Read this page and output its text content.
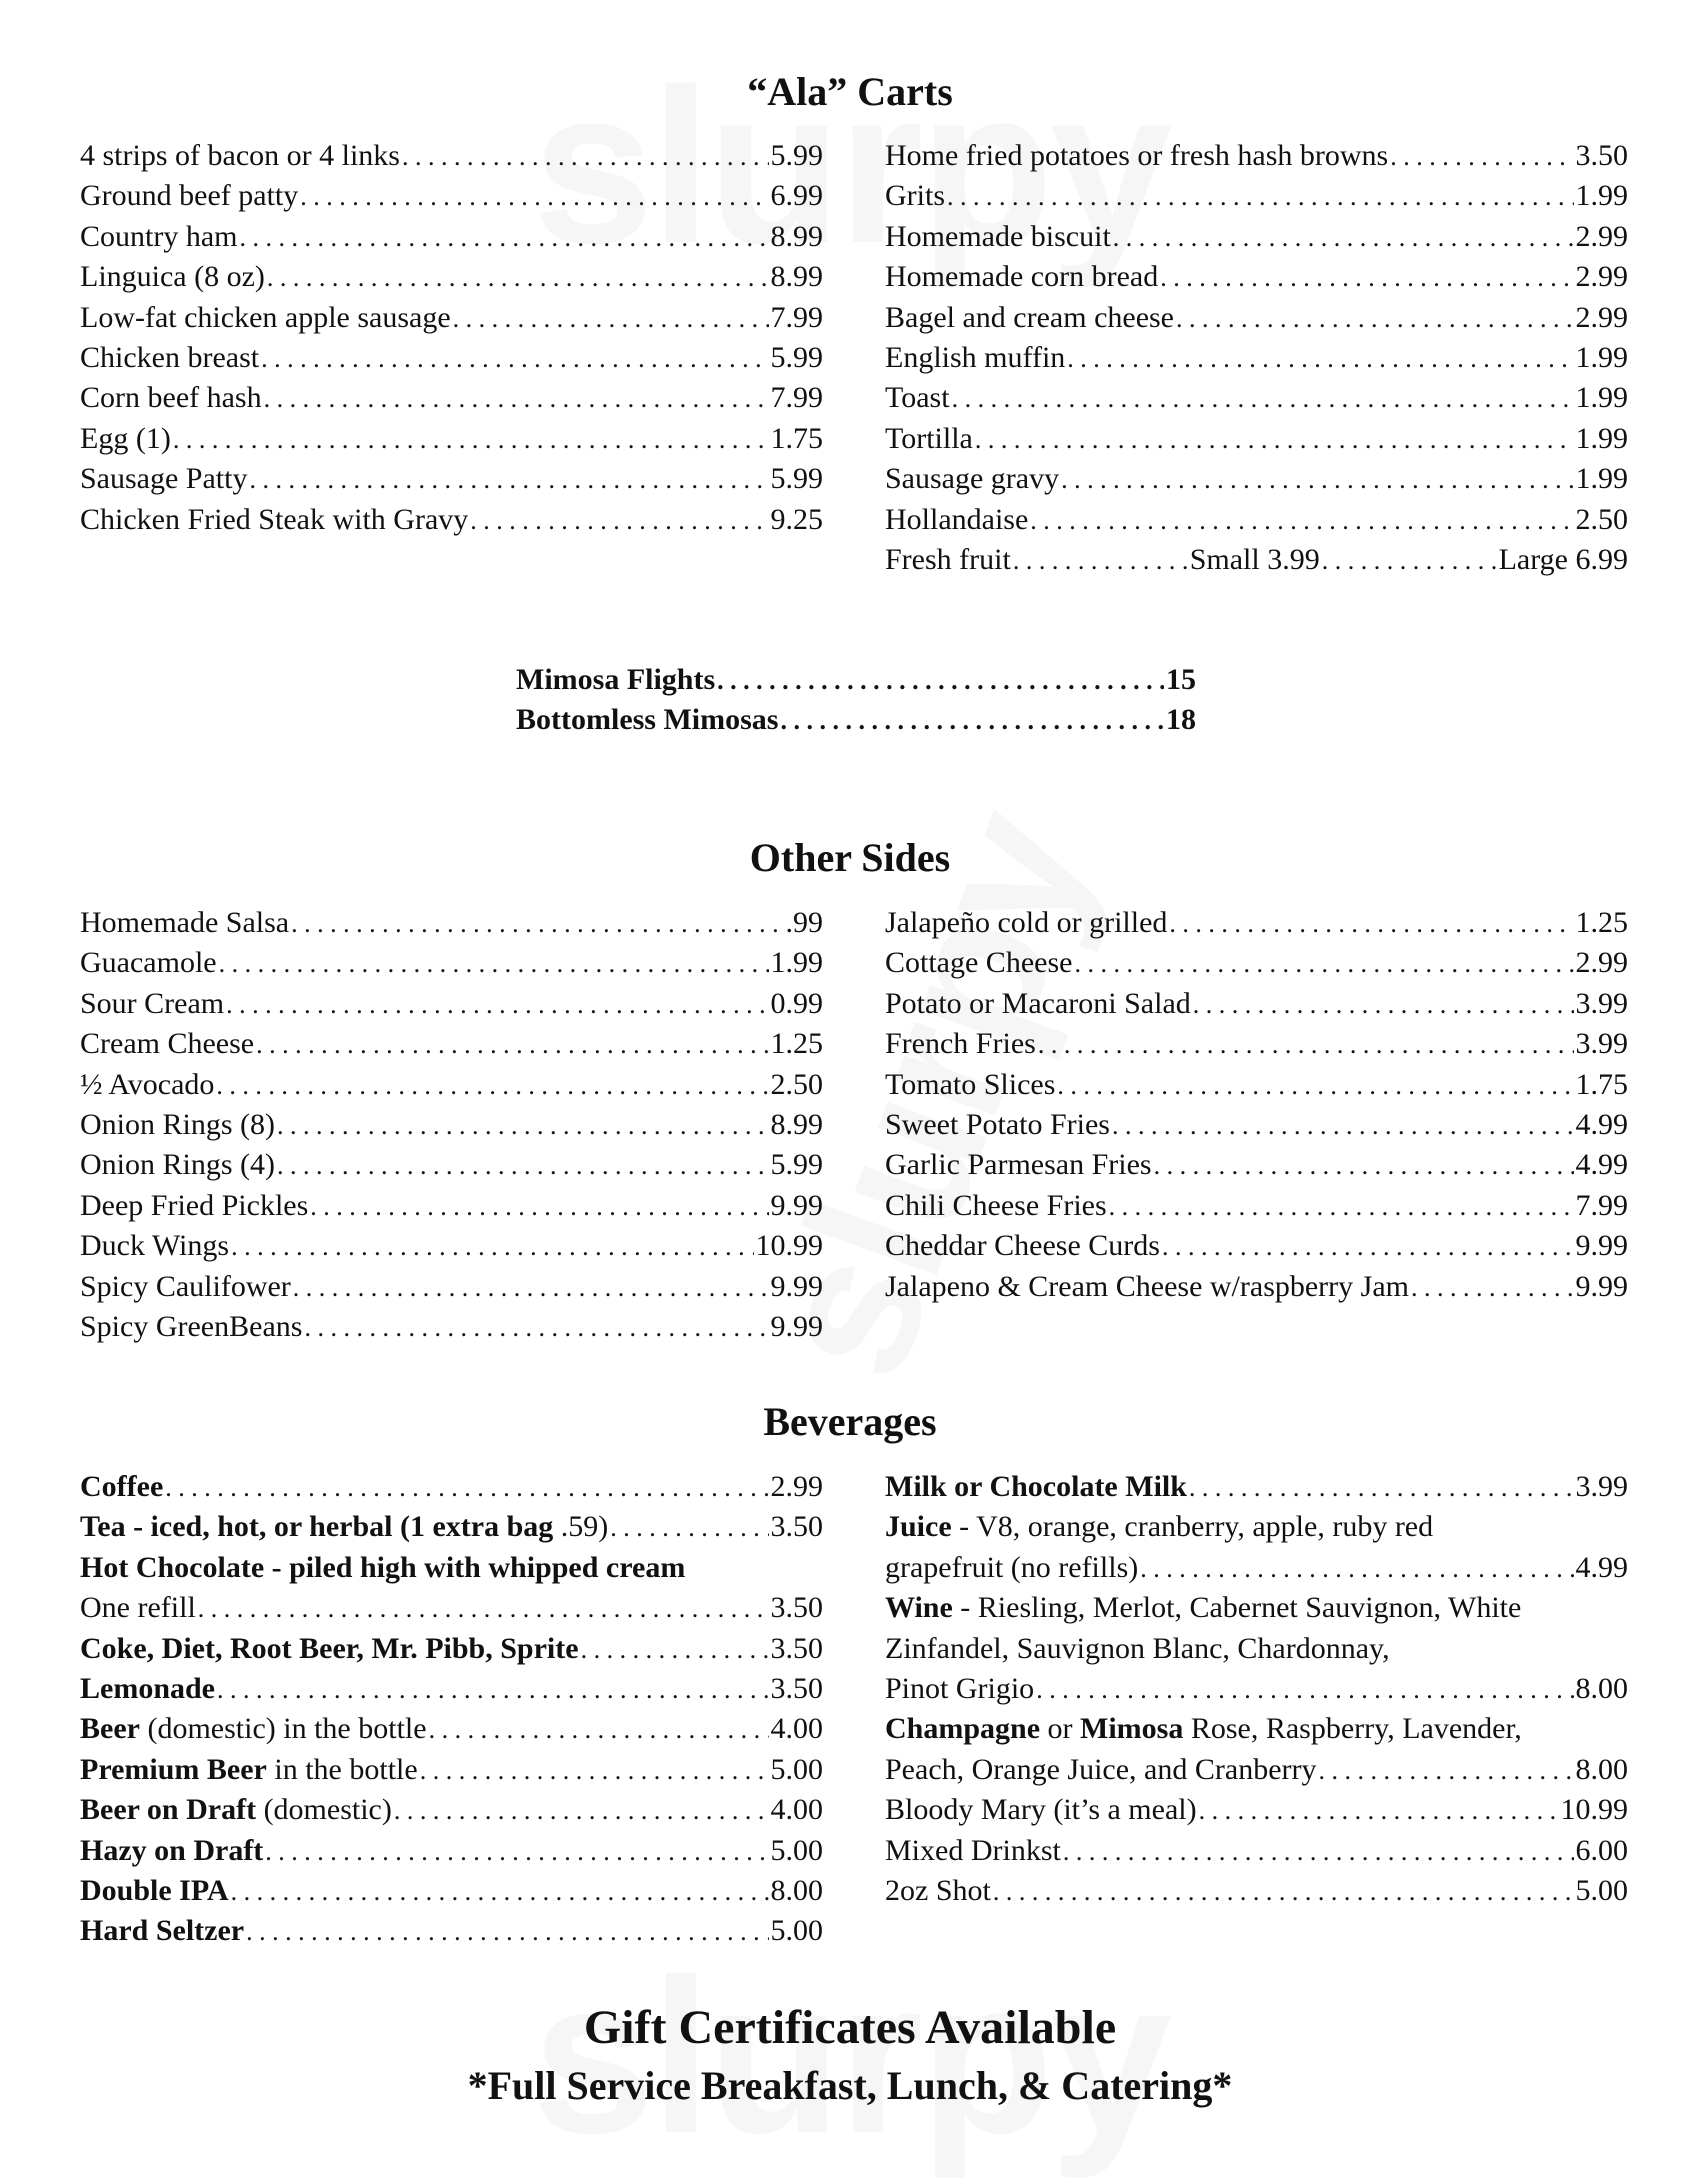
“Ala” Carts
4 strips of bacon or 4 links . . .	5.99
Ground beef patty . . .	6.99
Country ham . . .	8.99
Linguica (8 oz) . . .	8.99
Low-fat chicken apple sausage . . .	7.99
Chicken breast . . .	5.99
Corn beef hash . . .	7.99
Egg (1) . . .	1.75
Sausage Patty . . .	5.99
Chicken Fried Steak with Gravy . . .	9.25
Home fried potatoes or fresh hash browns . . .	3.50
Grits . . .	1.99
Homemade biscuit . . .	2.99
Homemade corn bread . . .	2.99
Bagel and cream cheese . . .	2.99
English muffin . . .	1.99
Toast . . .	1.99
Tortilla . . .	1.99
Sausage gravy . . .	1.99
Hollandaise . . .	2.50
Fresh fruit . . .	Small 3.99 . . .	Large 6.99
Mimosa Flights . . .	15
Bottomless Mimosas . . .	18
Other Sides
Homemade Salsa . . .	.99
Guacamole . . .	1.99
Sour Cream . . .	0.99
Cream Cheese . . .	1.25
½ Avocado . . .	2.50
Onion Rings (8) . . .	8.99
Onion Rings (4) . . .	5.99
Deep Fried Pickles . . .	9.99
Duck Wings . . .	10.99
Spicy Caulifower . . .	9.99
Spicy GreenBeans . . .	9.99
Jalapeño cold or grilled . . .	1.25
Cottage Cheese . . .	2.99
Potato or Macaroni Salad . . .	3.99
French Fries . . .	3.99
Tomato Slices . . .	1.75
Sweet Potato Fries . . .	4.99
Garlic Parmesan Fries . . .	4.99
Chili Cheese Fries . . .	7.99
Cheddar Cheese Curds . . .	9.99
Jalapeno & Cream Cheese w/raspberry Jam . . .	9.99
Beverages
Coffee . . .	2.99
Tea - iced, hot, or herbal (1 extra bag .59) . . .	3.50
Hot Chocolate - piled high with whipped cream
One refill . . .	3.50
Coke, Diet, Root Beer, Mr. Pibb, Sprite . . .	3.50
Lemonade . . .	3.50
Beer (domestic) in the bottle . . .	4.00
Premium Beer in the bottle . . .	5.00
Beer on Draft (domestic) . . .	4.00
Hazy on Draft . . .	5.00
Double IPA . . .	8.00
Hard Seltzer . . .	5.00
Milk or Chocolate Milk . . .	3.99
Juice - V8, orange, cranberry, apple, ruby red
grapefruit (no refills) . . .	4.99
Wine - Riesling, Merlot, Cabernet Sauvignon, White
Zinfandel, Sauvignon Blanc, Chardonnay,
Pinot Grigio . . .	8.00
Champagne or Mimosa Rose, Raspberry, Lavender,
Peach, Orange Juice, and Cranberry . . .	8.00
Bloody Mary (it’s a meal) . . .	10.99
Mixed Drinkst . . .	6.00
2oz Shot . . .	5.00
Gift Certificates Available
*Full Service Breakfast, Lunch, & Catering*
